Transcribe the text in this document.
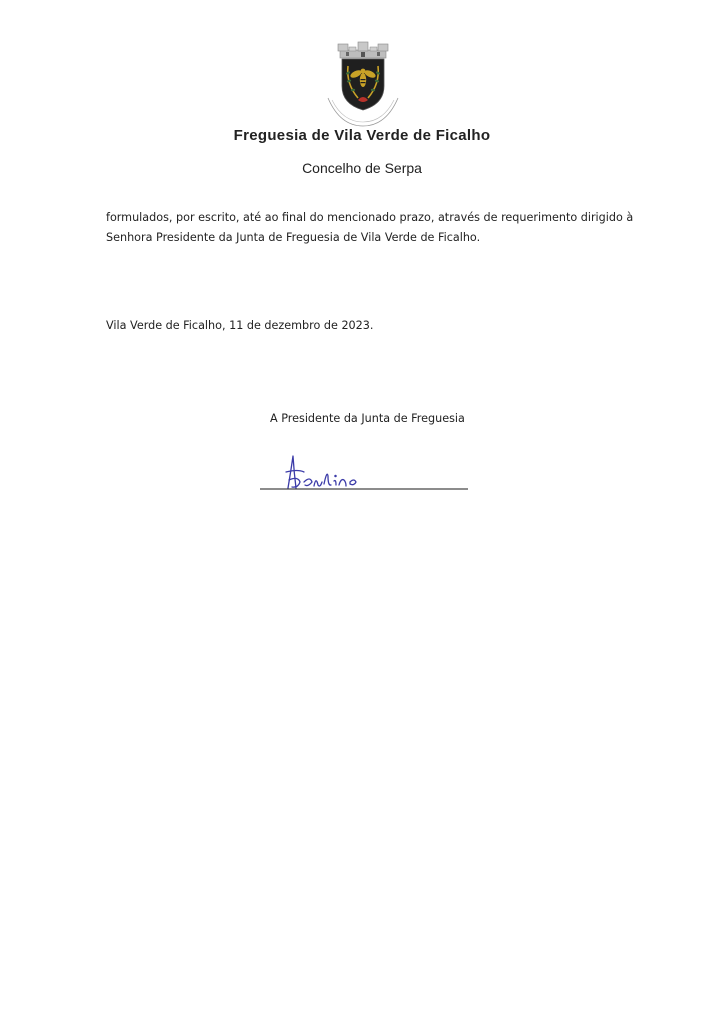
Freguesia de Vila Verde de Ficalho
Concelho de Serpa
formulados, por escrito, até ao final do mencionado prazo, através de requerimento dirigido à
Senhora Presidente da Junta de Freguesia de Vila Verde de Ficalho.
Vila Verde de Ficalho, 11 de dezembro de 2023.
A Presidente da Junta de Freguesia
